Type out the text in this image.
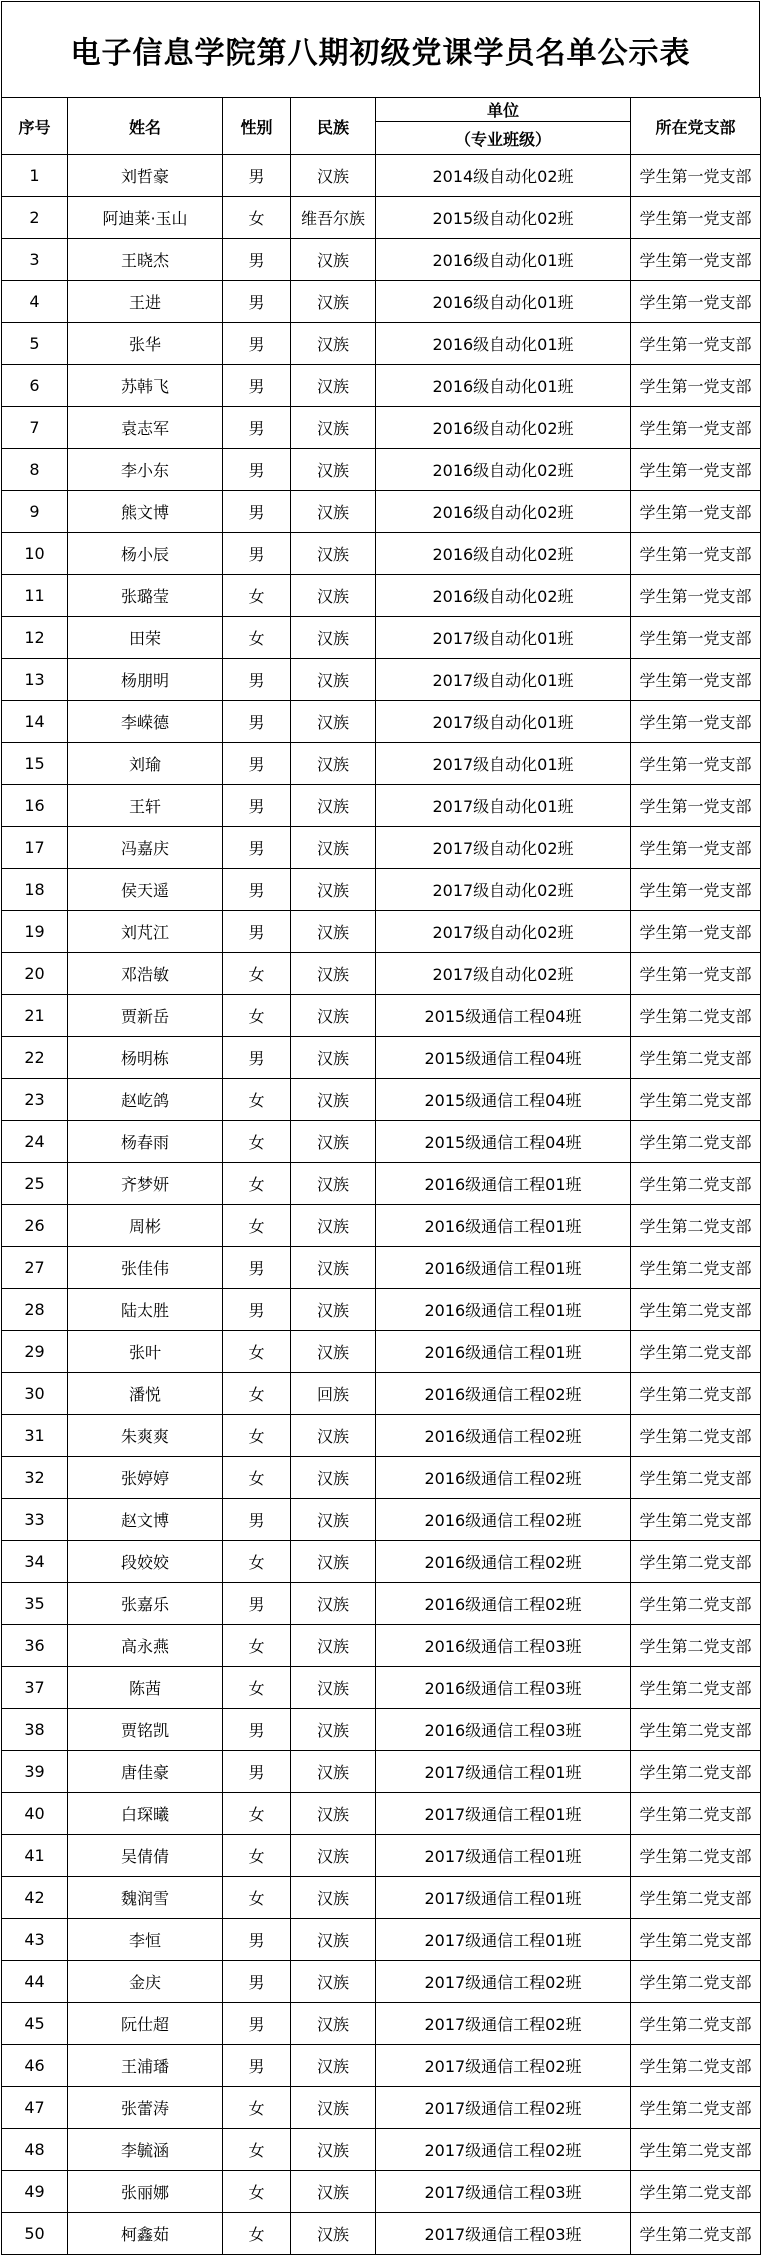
电子信息学院第八期初级党课学员名单公示表
序号	姓名	性别	民族	单位	所在党支部
				（专业班级）	
1	刘哲豪	男	汉族	2014级自动化02班	学生第一党支部
2	阿迪莱·玉山	女	维吾尔族	2015级自动化02班	学生第一党支部
3	王晓杰	男	汉族	2016级自动化01班	学生第一党支部
4	王进	男	汉族	2016级自动化01班	学生第一党支部
5	张华	男	汉族	2016级自动化01班	学生第一党支部
6	苏韩飞	男	汉族	2016级自动化01班	学生第一党支部
7	袁志军	男	汉族	2016级自动化02班	学生第一党支部
8	李小东	男	汉族	2016级自动化02班	学生第一党支部
9	熊文博	男	汉族	2016级自动化02班	学生第一党支部
10	杨小辰	男	汉族	2016级自动化02班	学生第一党支部
11	张璐莹	女	汉族	2016级自动化02班	学生第一党支部
12	田荣	女	汉族	2017级自动化01班	学生第一党支部
13	杨朋明	男	汉族	2017级自动化01班	学生第一党支部
14	李嵘德	男	汉族	2017级自动化01班	学生第一党支部
15	刘瑜	男	汉族	2017级自动化01班	学生第一党支部
16	王轩	男	汉族	2017级自动化01班	学生第一党支部
17	冯嘉庆	男	汉族	2017级自动化02班	学生第一党支部
18	侯天遥	男	汉族	2017级自动化02班	学生第一党支部
19	刘芃江	男	汉族	2017级自动化02班	学生第一党支部
20	邓浩敏	女	汉族	2017级自动化02班	学生第一党支部
21	贾新岳	女	汉族	2015级通信工程04班	学生第二党支部
22	杨明栋	男	汉族	2015级通信工程04班	学生第二党支部
23	赵屹鸽	女	汉族	2015级通信工程04班	学生第二党支部
24	杨春雨	女	汉族	2015级通信工程04班	学生第二党支部
25	齐梦妍	女	汉族	2016级通信工程01班	学生第二党支部
26	周彬	女	汉族	2016级通信工程01班	学生第二党支部
27	张佳伟	男	汉族	2016级通信工程01班	学生第二党支部
28	陆太胜	男	汉族	2016级通信工程01班	学生第二党支部
29	张叶	女	汉族	2016级通信工程01班	学生第二党支部
30	潘悦	女	回族	2016级通信工程02班	学生第二党支部
31	朱爽爽	女	汉族	2016级通信工程02班	学生第二党支部
32	张婷婷	女	汉族	2016级通信工程02班	学生第二党支部
33	赵文博	男	汉族	2016级通信工程02班	学生第二党支部
34	段姣姣	女	汉族	2016级通信工程02班	学生第二党支部
35	张嘉乐	男	汉族	2016级通信工程02班	学生第二党支部
36	高永燕	女	汉族	2016级通信工程03班	学生第二党支部
37	陈茜	女	汉族	2016级通信工程03班	学生第二党支部
38	贾铭凯	男	汉族	2016级通信工程03班	学生第二党支部
39	唐佳豪	男	汉族	2017级通信工程01班	学生第二党支部
40	白琛曦	女	汉族	2017级通信工程01班	学生第二党支部
41	吴倩倩	女	汉族	2017级通信工程01班	学生第二党支部
42	魏润雪	女	汉族	2017级通信工程01班	学生第二党支部
43	李恒	男	汉族	2017级通信工程01班	学生第二党支部
44	金庆	男	汉族	2017级通信工程02班	学生第二党支部
45	阮仕超	男	汉族	2017级通信工程02班	学生第二党支部
46	王浦璠	男	汉族	2017级通信工程02班	学生第二党支部
47	张蕾涛	女	汉族	2017级通信工程02班	学生第二党支部
48	李毓涵	女	汉族	2017级通信工程02班	学生第二党支部
49	张丽娜	女	汉族	2017级通信工程03班	学生第二党支部
50	柯鑫茹	女	汉族	2017级通信工程03班	学生第二党支部
